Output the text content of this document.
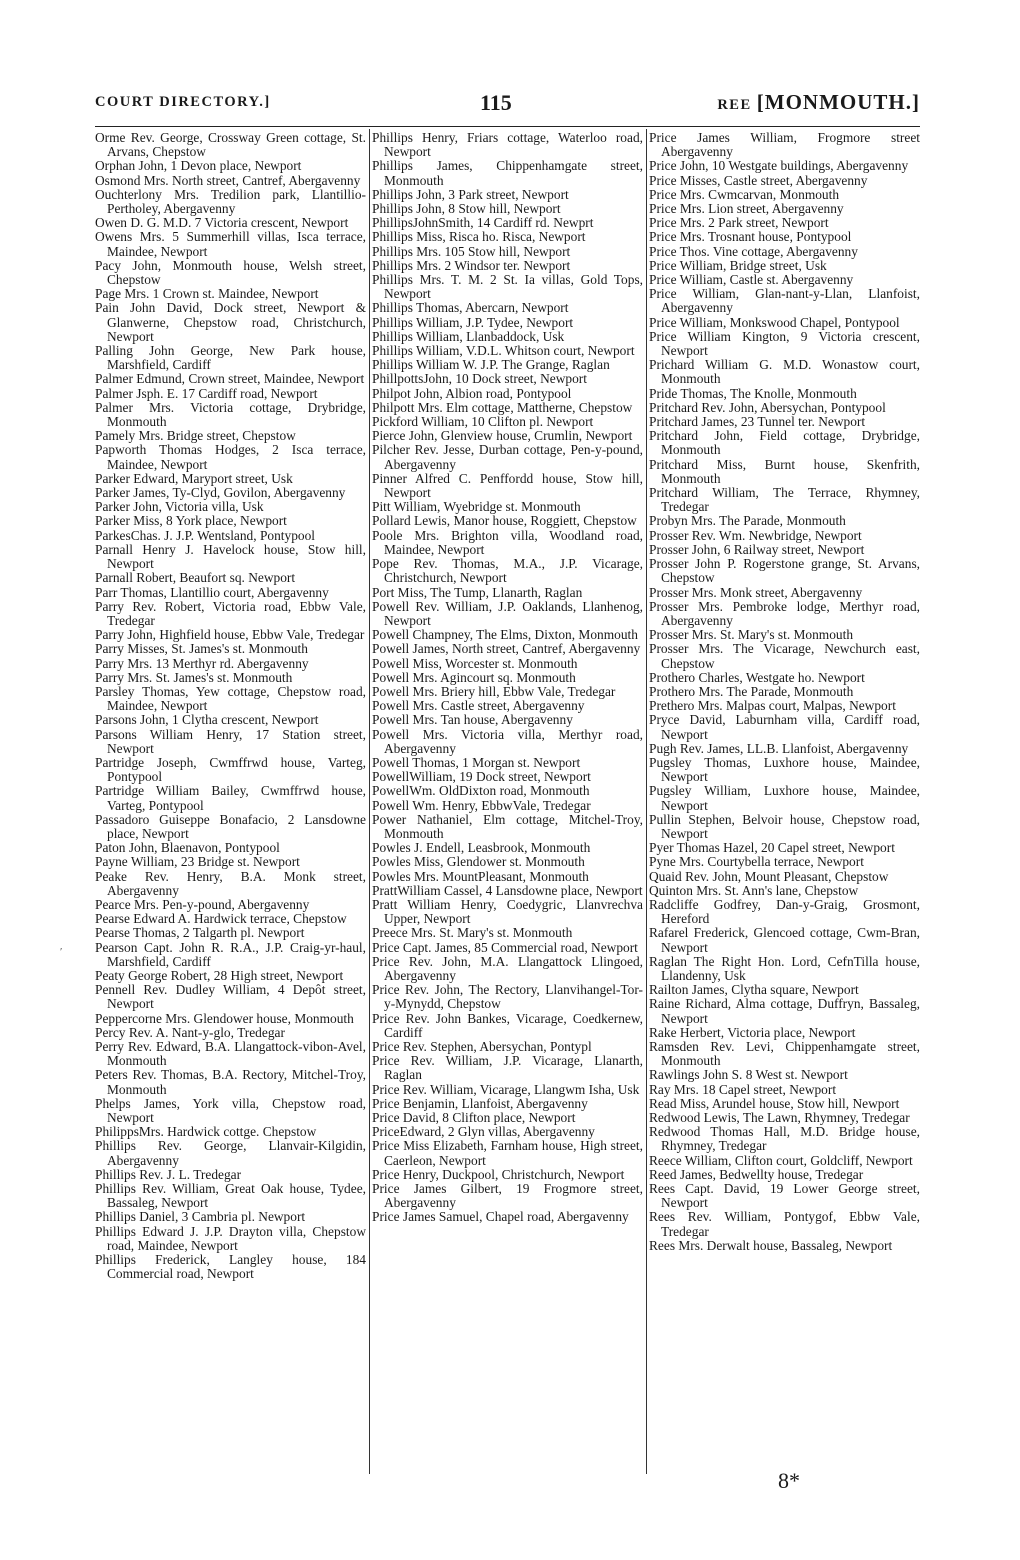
COURT DIRECTORY.]	115	REE [MONMOUTH.]

Orme Rev. George, Crossway Green cottage, St. Arvans, Chepstow

Orphan John, 1 Devon place, Newport

Osmond Mrs. North street, Cantref, Abergavenny

Ouchterlony Mrs. Tredilion park, Llantillio-Pertholey, Abergavenny

Owen D. G. M.D. 7 Victoria crescent, Newport

Owens Mrs. 5 Summerhill villas, Isca terrace, Maindee, Newport

Pacy John, Monmouth house, Welsh street, Chepstow

Page Mrs. 1 Crown st. Maindee, Newport

Pain John David, Dock street, Newport & Glanwerne, Chepstow road, Christchurch, Newport

Palling John George, New Park house, Marshfield, Cardiff

Palmer Edmund, Crown street, Maindee, Newport

Palmer Jsph. E. 17 Cardiff road, Newport

Palmer Mrs. Victoria cottage, Drybridge, Monmouth

Pamely Mrs. Bridge street, Chepstow

Papworth Thomas Hodges, 2 Isca terrace, Maindee, Newport

Parker Edward, Maryport street, Usk

Parker James, Ty-Clyd, Govilon, Abergavenny

Parker John, Victoria villa, Usk

Parker Miss, 8 York place, Newport

ParkesChas. J. J.P. Wentsland, Pontypool

Parnall Henry J. Havelock house, Stow hill, Newport

Parnall Robert, Beaufort sq. Newport

Parr Thomas, Llantillio court, Abergavenny

Parry Rev. Robert, Victoria road, Ebbw Vale, Tredegar

Parry John, Highfield house, Ebbw Vale, Tredegar

Parry Misses, St. James's st. Monmouth

Parry Mrs. 13 Merthyr rd. Abergavenny

Parry Mrs. St. James's st. Monmouth

Parsley Thomas, Yew cottage, Chepstow road, Maindee, Newport

Parsons John, 1 Clytha crescent, Newport

Parsons William Henry, 17 Station street, Newport

Partridge Joseph, Cwmffrwd house, Varteg, Pontypool

Partridge William Bailey, Cwmffrwd house, Varteg, Pontypool

Passadoro Guiseppe Bonafacio, 2 Lansdowne place, Newport

Paton John, Blaenavon, Pontypool

Payne William, 23 Bridge st. Newport

Peake Rev. Henry, B.A. Monk street, Abergavenny

Pearce Mrs. Pen-y-pound, Abergavenny

Pearse Edward A. Hardwick terrace, Chepstow

Pearse Thomas, 2 Talgarth pl. Newport

Pearson Capt. John R. R.A., J.P. Craig-yr-haul, Marshfield, Cardiff

Peaty George Robert, 28 High street, Newport

Pennell Rev. Dudley William, 4 Depôt street, Newport

Peppercorne Mrs. Glendower house, Monmouth

Percy Rev. A. Nant-y-glo, Tredegar

Perry Rev. Edward, B.A. Llangattock-vibon-Avel, Monmouth

Peters Rev. Thomas, B.A. Rectory, Mitchel-Troy, Monmouth

Phelps James, York villa, Chepstow road, Newport

PhilippsMrs. Hardwick cottge. Chepstow

Phillips Rev. George, Llanvair-Kilgidin, Abergavenny

Phillips Rev. J. L. Tredegar

Phillips Rev. William, Great Oak house, Tydee, Bassaleg, Newport

Phillips Daniel, 3 Cambria pl. Newport

Phillips Edward J. J.P. Drayton villa, Chepstow road, Maindee, Newport

Phillips Frederick, Langley house, 184 Commercial road, Newport

Phillips Henry, Friars cottage, Waterloo road, Newport

Phillips James, Chippenhamgate street, Monmouth

Phillips John, 3 Park street, Newport

Phillips John, 8 Stow hill, Newport

PhillipsJohnSmith, 14 Cardiff rd. Newprt

Phillips Miss, Risca ho. Risca, Newport

Phillips Mrs. 105 Stow hill, Newport

Phillips Mrs. 2 Windsor ter. Newport

Phillips Mrs. T. M. 2 St. Ia villas, Gold Tops, Newport

Phillips Thomas, Abercarn, Newport

Phillips William, J.P. Tydee, Newport

Phillips William, Llanbaddock, Usk

Phillips William, V.D.L. Whitson court, Newport

Phillips William W. J.P. The Grange, Raglan

PhillpottsJohn, 10 Dock street, Newport

Philpot John, Albion road, Pontypool

Philpott Mrs. Elm cottage, Mattherne, Chepstow

Pickford William, 10 Clifton pl. Newport

Pierce John, Glenview house, Crumlin, Newport

Pilcher Rev. Jesse, Durban cottage, Pen-y-pound, Abergavenny

Pinner Alfred C. Penffordd house, Stow hill, Newport

Pitt William, Wyebridge st. Monmouth

Pollard Lewis, Manor house, Roggiett, Chepstow

Poole Mrs. Brighton villa, Woodland road, Maindee, Newport

Pope Rev. Thomas, M.A., J.P. Vicarage, Christchurch, Newport

Port Miss, The Tump, Llanarth, Raglan

Powell Rev. William, J.P. Oaklands, Llanhenog, Newport

Powell Champney, The Elms, Dixton, Monmouth

Powell James, North street, Cantref, Abergavenny

Powell Miss, Worcester st. Monmouth

Powell Mrs. Agincourt sq. Monmouth

Powell Mrs. Briery hill, Ebbw Vale, Tredegar

Powell Mrs. Castle street, Abergavenny

Powell Mrs. Tan house, Abergavenny

Powell Mrs. Victoria villa, Merthyr road, Abergavenny

Powell Thomas, 1 Morgan st. Newport

PowellWilliam, 19 Dock street, Newport

PowellWm. OldDixton road, Monmouth

Powell Wm. Henry, EbbwVale, Tredegar

Power Nathaniel, Elm cottage, Mitchel-Troy, Monmouth

Powles J. Endell, Leasbrook, Monmouth

Powles Miss, Glendower st. Monmouth

Powles Mrs. MountPleasant, Monmouth

PrattWilliam Cassel, 4 Lansdowne place, Newport

Pratt William Henry, Coedygric, Llanvrechva Upper, Newport

Preece Mrs. St. Mary's st. Monmouth

Price Capt. James, 85 Commercial road, Newport

Price Rev. John, M.A. Llangattock Llingoed, Abergavenny

Price Rev. John, The Rectory, Llanvihangel-Tor-y-Mynydd, Chepstow

Price Rev. John Bankes, Vicarage, Coedkernew, Cardiff

Price Rev. Stephen, Abersychan, Pontypl

Price Rev. William, J.P. Vicarage, Llanarth, Raglan

Price Rev. William, Vicarage, Llangwm Isha, Usk

Price Benjamin, Llanfoist, Abergavenny

Price David, 8 Clifton place, Newport

PriceEdward, 2 Glyn villas, Abergavenny

Price Miss Elizabeth, Farnham house, High street, Caerleon, Newport

Price Henry, Duckpool, Christchurch, Newport

Price James Gilbert, 19 Frogmore street, Abergavenny

Price James Samuel, Chapel road, Abergavenny

Price James William, Frogmore street Abergavenny

Price John, 10 Westgate buildings, Abergavenny

Price Misses, Castle street, Abergavenny

Price Mrs. Cwmcarvan, Monmouth

Price Mrs. Lion street, Abergavenny

Price Mrs. 2 Park street, Newport

Price Mrs. Trosnant house, Pontypool

Price Thos. Vine cottage, Abergavenny

Price William, Bridge street, Usk

Price William, Castle st. Abergavenny

Price William, Glan-nant-y-Llan, Llanfoist, Abergavenny

Price William, Monkswood Chapel, Pontypool

Price William Kington, 9 Victoria crescent, Newport

Prichard William G. M.D. Wonastow court, Monmouth

Pride Thomas, The Knolle, Monmouth

Pritchard Rev. John, Abersychan, Pontypool

Pritchard James, 23 Tunnel ter. Newport

Pritchard John, Field cottage, Drybridge, Monmouth

Pritchard Miss, Burnt house, Skenfrith, Monmouth

Pritchard William, The Terrace, Rhymney, Tredegar

Probyn Mrs. The Parade, Monmouth

Prosser Rev. Wm. Newbridge, Newport

Prosser John, 6 Railway street, Newport

Prosser John P. Rogerstone grange, St. Arvans, Chepstow

Prosser Mrs. Monk street, Abergavenny

Prosser Mrs. Pembroke lodge, Merthyr road, Abergavenny

Prosser Mrs. St. Mary's st. Monmouth

Prosser Mrs. The Vicarage, Newchurch east, Chepstow

Prothero Charles, Westgate ho. Newport

Prothero Mrs. The Parade, Monmouth

Prethero Mrs. Malpas court, Malpas, Newport

Pryce David, Laburnham villa, Cardiff road, Newport

Pugh Rev. James, LL.B. Llanfoist, Abergavenny

Pugsley Thomas, Luxhore house, Maindee, Newport

Pugsley William, Luxhore house, Maindee, Newport

Pullin Stephen, Belvoir house, Chepstow road, Newport

Pyer Thomas Hazel, 20 Capel street, Newport

Pyne Mrs. Courtybella terrace, Newport

Quaid Rev. John, Mount Pleasant, Chepstow

Quinton Mrs. St. Ann's lane, Chepstow

Radcliffe Godfrey, Dan-y-Graig, Grosmont, Hereford

Rafarel Frederick, Glencoed cottage, Cwm-Bran, Newport

Raglan The Right Hon. Lord, CefnTilla house, Llandenny, Usk

Railton James, Clytha square, Newport

Raine Richard, Alma cottage, Duffryn, Bassaleg, Newport

Rake Herbert, Victoria place, Newport

Ramsden Rev. Levi, Chippenhamgate street, Monmouth

Rawlings John S. 8 West st. Newport

Ray Mrs. 18 Capel street, Newport

Read Miss, Arundel house, Stow hill, Newport

Redwood Lewis, The Lawn, Rhymney, Tredegar

Redwood Thomas Hall, M.D. Bridge house, Rhymney, Tredegar

Reece William, Clifton court, Goldcliff, Newport

Reed James, Bedwellty house, Tredegar

Rees Capt. David, 19 Lower George street, Newport

Rees Rev. William, Pontygof, Ebbw Vale, Tredegar

Rees Mrs. Derwalt house, Bassaleg, Newport

′
8*
